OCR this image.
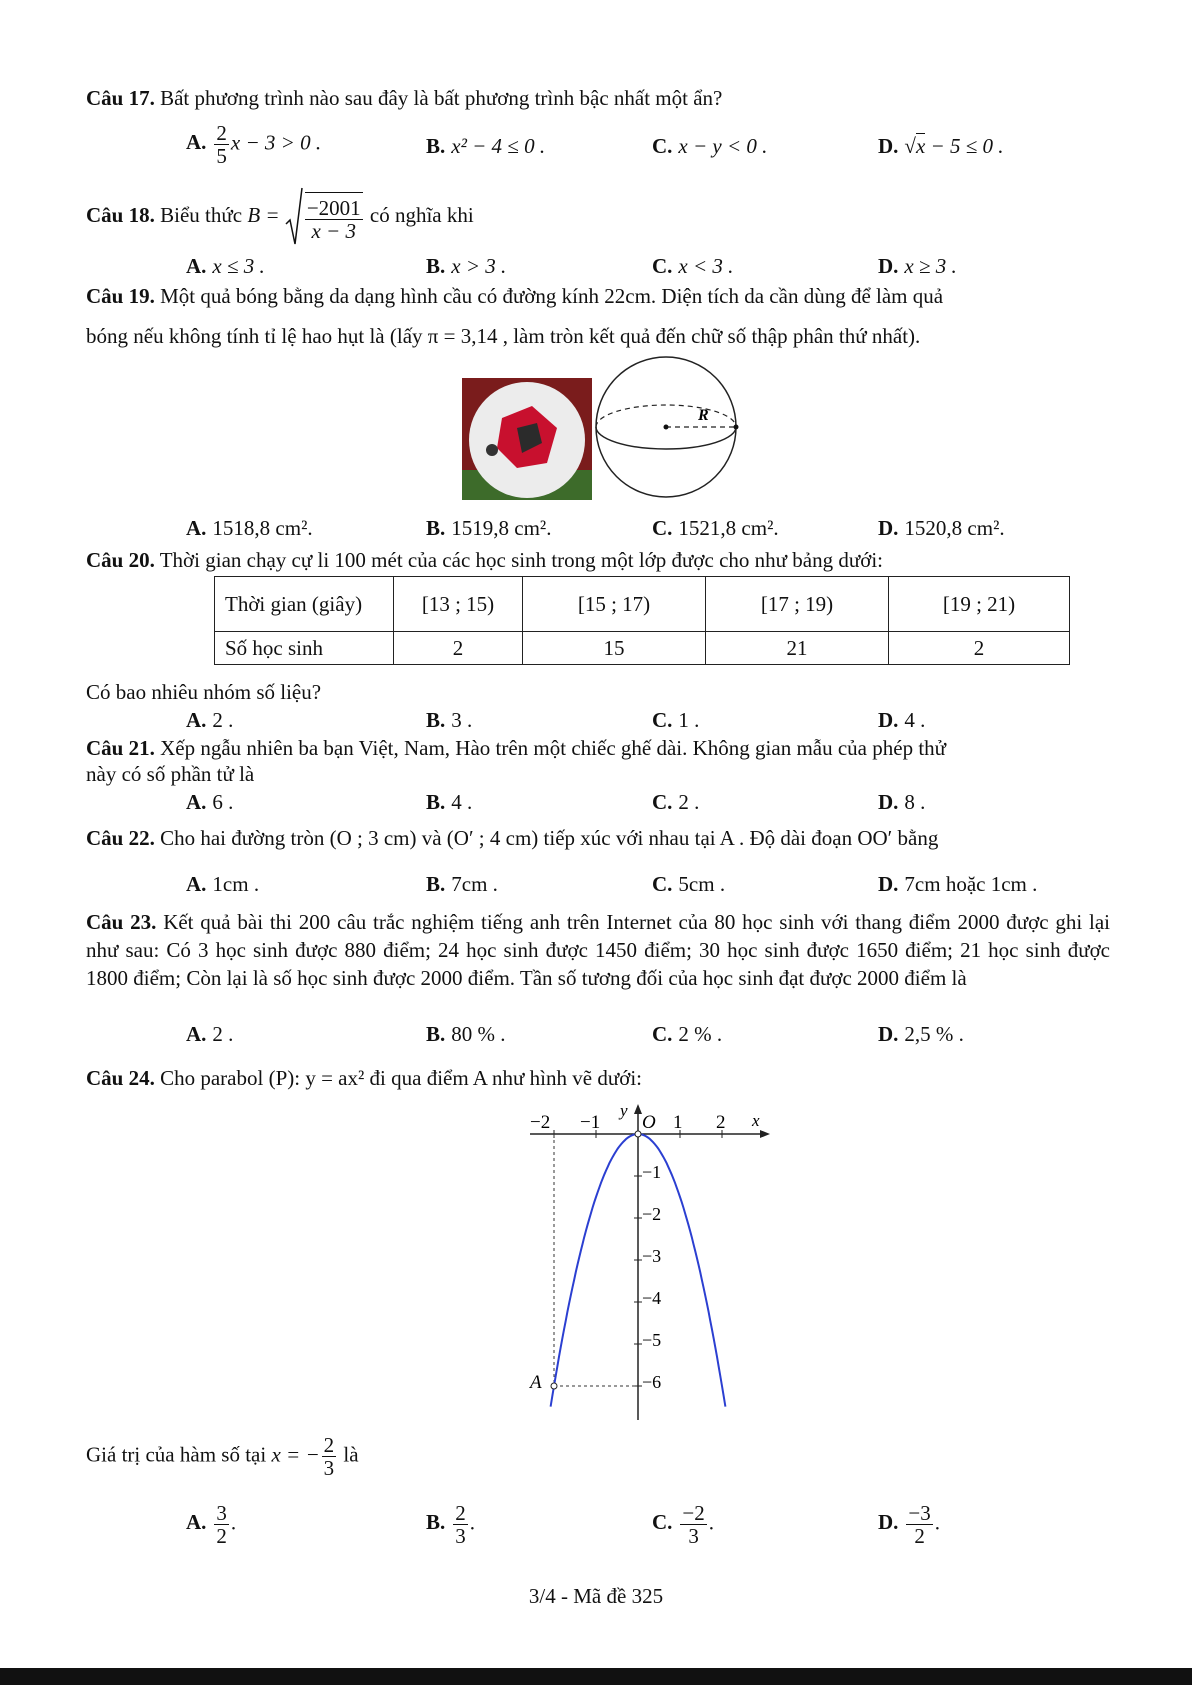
Câu 17. Bất phương trình nào sau đây là bất phương trình bậc nhất một ẩn?
A. $\frac{2}{5}$ x − 3 > 0 .	B. x² − 4 ≤ 0 .	C. x − y < 0 .	D. √x − 5 ≤ 0 .
Câu 18. Biểu thức $B = \frac{-2001}{x - 3}$ có nghĩa khi
A. x ≤ 3 .	B. x > 3 .	C. x < 3 .	D. x ≥ 3 .
Câu 19. Một quả bóng bằng da dạng hình cầu có đường kính 22cm. Diện tích da cần dùng để làm quả
bóng nếu không tính tỉ lệ hao hụt là (lấy π = 3,14 , làm tròn kết quả đến chữ số thập phân thứ nhất).
R
A. 1518,8 cm².	B. 1519,8 cm².	C. 1521,8 cm².	D. 1520,8 cm².
Câu 20. Thời gian chạy cự li 100 mét của các học sinh trong một lớp được cho như bảng dưới:
Thời gian (giây)	[13 ; 15)	[15 ; 17)	[17 ; 19)	[19 ; 21)
Số học sinh	2	15	21	2
Có bao nhiêu nhóm số liệu?
A. 2 .	B. 3 .	C. 1 .	D. 4 .
Câu 21. Xếp ngẫu nhiên ba bạn Việt, Nam, Hào trên một chiếc ghế dài. Không gian mẫu của phép thử
này có số phần tử là
A. 6 .	B. 4 .	C. 2 .	D. 8 .
Câu 22. Cho hai đường tròn (O ; 3 cm) và (O′ ; 4 cm) tiếp xúc với nhau tại A . Độ dài đoạn OO′ bằng
A. 1cm .	B. 7cm .	C. 5cm .	D. 7cm hoặc 1cm .
Câu 23. Kết quả bài thi 200 câu trắc nghiệm tiếng anh trên Internet của 80 học sinh với thang điểm 2000 được ghi lại như sau: Có 3 học sinh được 880 điểm; 24 học sinh được 1450 điểm; 30 học sinh được 1650 điểm; 21 học sinh được 1800 điểm; Còn lại là số học sinh được 2000 điểm. Tần số tương đối của học sinh đạt được 2000 điểm là
A. 2 .	B. 80 % .	C. 2 % .	D. 2,5 % .
Câu 24. Cho parabol (P): y = ax² đi qua điểm A như hình vẽ dưới:
y
O	x
−2 −1	1 2
−1
−2
−3
−4
−5
−6
A
Giá trị của hàm số tại x = − $\frac{2}{3}$ là
A. $\frac{3}{2}$ .	B. $\frac{2}{3}$ .	C. $\frac{-2}{3}$ .	D. $\frac{-3}{2}$ .
3/4 - Mã đề 325
